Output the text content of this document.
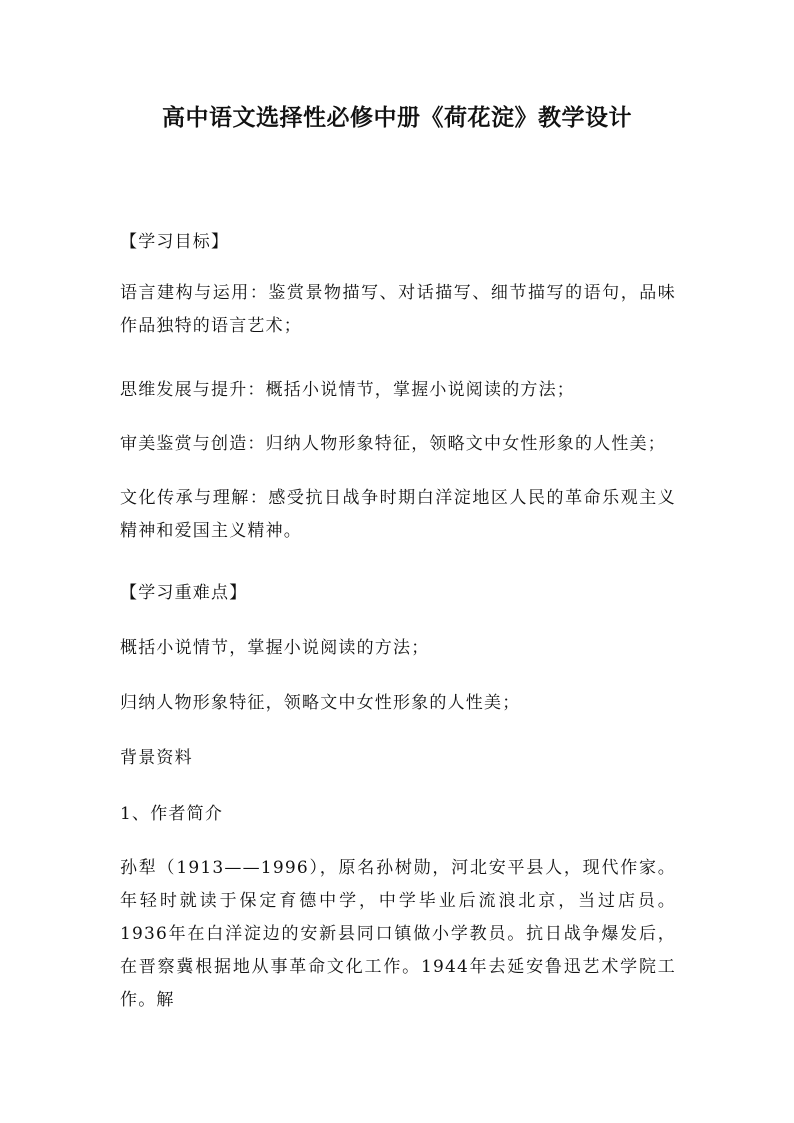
高中语文选择性必修中册《荷花淀》教学设计

【学习目标】

语言建构与运用：鉴赏景物描写、对话描写、细节描写的语句，品味作品独特的语言艺术；

思维发展与提升：概括小说情节，掌握小说阅读的方法；

审美鉴赏与创造：归纳人物形象特征，领略文中女性形象的人性美；

文化传承与理解：感受抗日战争时期白洋淀地区人民的革命乐观主义精神和爱国主义精神。

【学习重难点】

概括小说情节，掌握小说阅读的方法；

归纳人物形象特征，领略文中女性形象的人性美；

背景资料

1、作者简介

孙犁（1913——1996），原名孙树勋，河北安平县人，现代作家。年轻时就读于保定育德中学，中学毕业后流浪北京，当过店员。1936年在白洋淀边的安新县同口镇做小学教员。抗日战争爆发后，在晋察冀根据地从事革命文化工作。1944年去延安鲁迅艺术学院工作。解
